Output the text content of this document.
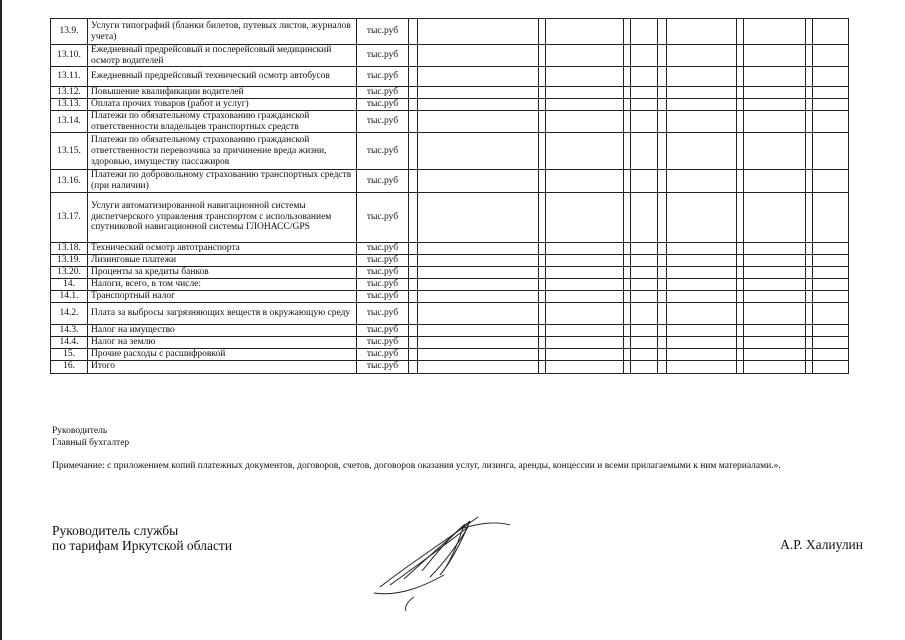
13.9.	Услуги типографий (бланки билетов, путевых листов, журналов учета)	тыс.руб												
13.10.	Ежедневный предрейсовый и послерейсовый медицинский осмотр водителей	тыс.руб												
13.11.	Ежедневный предрейсовый технический осмотр автобусов	тыс.руб												
13.12.	Повышение квалификации водителей	тыс.руб												
13.13.	Оплата прочих товаров (работ и услуг)	тыс.руб												
13.14.	Платежи по обязательному страхованию гражданской ответственности владельцев транспортных средств	тыс.руб												
13.15.	Платежи по обязательному страхованию гражданской ответственности перевозчика за причинение вреда жизни, здоровью, имуществу пассажиров	тыс.руб												
13.16.	Платежи по добровольному страхованию транспортных средств (при наличии)	тыс.руб												
13.17.	Услуги автоматизированной навигационной системы диспетчерского управления транспортом с использованием спутниковой навигационной системы ГЛОНАСС/GPS	тыс.руб												
13.18.	Технический осмотр автотранспорта	тыс.руб												
13.19.	Лизинговые платежи	тыс.руб												
13.20.	Проценты за кредиты банков	тыс.руб												
14.	Налоги, всего, в том числе:	тыс.руб												
14.1.	Транспортный налог	тыс.руб												
14.2.	Плата за выбросы загрязняющих веществ в окружающую среду	тыс.руб												
14.3.	Налог на имущество	тыс.руб												
14.4.	Налог на землю	тыс.руб												
15.	Прочие расходы с расшифровкой	тыс.руб												
16.	Итого	тыс.руб												
Руководитель
Главный бухгалтер
Примечание: с приложением копий платежных документов, договоров, счетов, договоров оказания услуг, лизинга, аренды, концессии и всеми прилагаемыми к ним материалами.».
Руководитель службы
по тарифам Иркутской области	А.Р. Халиулин
